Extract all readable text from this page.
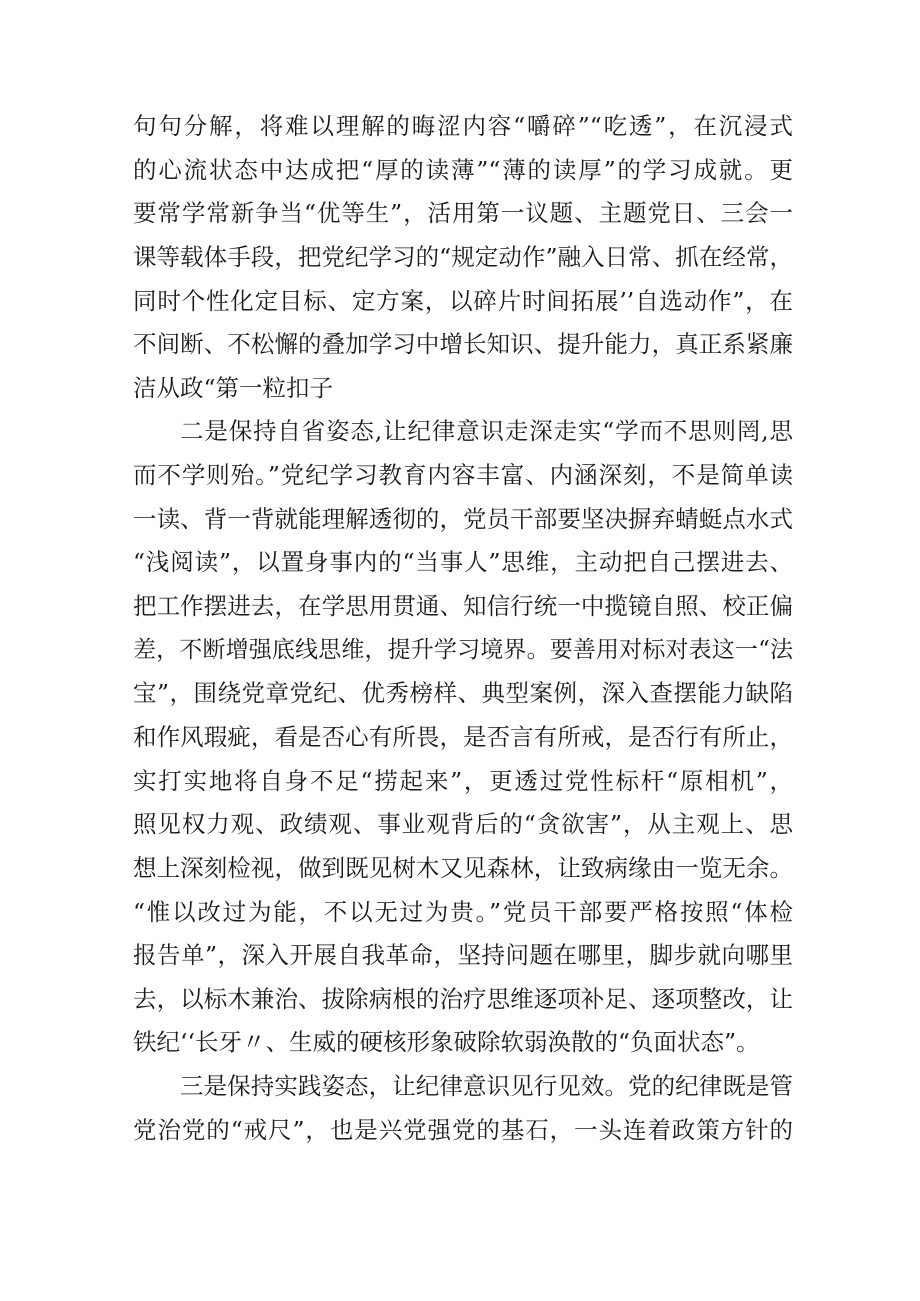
句句分解，将难以理解的晦涩内容“嚼碎”“吃透”，在沉浸式
的心流状态中达成把“厚的读薄”“薄的读厚”的学习成就。更
要常学常新争当“优等生”，活用第一议题、主题党日、三会一
课等载体手段，把党纪学习的“规定动作”融入日常、抓在经常，
同时个性化定目标、定方案，以碎片时间拓展’’自选动作”，在
不间断、不松懈的叠加学习中增长知识、提升能力，真正系紧廉
洁从政“第一粒扣子
二是保持自省姿态,让纪律意识走深走实“学而不思则罔,思
而不学则殆。”党纪学习教育内容丰富、内涵深刻，不是简单读
一读、背一背就能理解透彻的，党员干部要坚决摒弃蜻蜓点水式
“浅阅读”，以置身事内的“当事人”思维，主动把自己摆进去、
把工作摆进去，在学思用贯通、知信行统一中揽镜自照、校正偏
差，不断增强底线思维，提升学习境界。要善用对标对表这一“法
宝”，围绕党章党纪、优秀榜样、典型案例，深入查摆能力缺陷
和作风瑕疵，看是否心有所畏，是否言有所戒，是否行有所止，
实打实地将自身不足“捞起来”，更透过党性标杆“原相机”，
照见权力观、政绩观、事业观背后的“贪欲害”，从主观上、思
想上深刻检视，做到既见树木又见森林，让致病缘由一览无余。
“惟以改过为能，不以无过为贵。”党员干部要严格按照“体检
报告单”，深入开展自我革命，坚持问题在哪里，脚步就向哪里
去，以标木兼治、拔除病根的治疗思维逐项补足、逐项整改，让
铁纪‘‘长牙〃、生威的硬核形象破除软弱涣散的“负面状态”。
三是保持实践姿态，让纪律意识见行见效。党的纪律既是管
党治党的“戒尺”，也是兴党强党的基石，一头连着政策方针的
